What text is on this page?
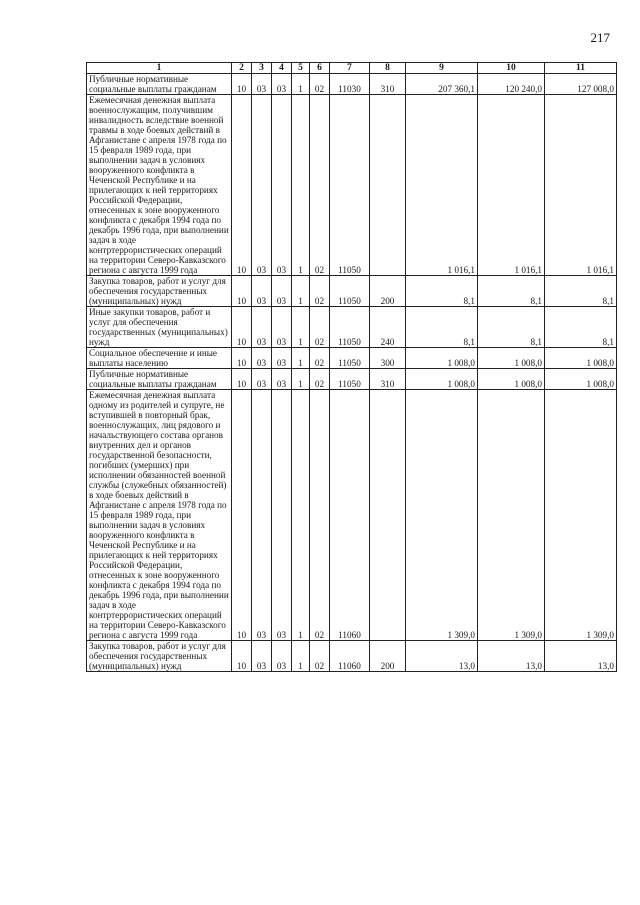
217
1	2	3	4	5	6	7	8	9	10	11
Публичные нормативные социальные выплаты гражданам	10	03	03	1	02	11030	310	207 360,1	120 240,0	127 008,0
Ежемесячная денежная выплата военнослужащим, получившим инвалидность вследствие военной травмы в ходе боевых действий в Афганистане с апреля 1978 года по 15 февраля 1989 года, при выполнении задач в условиях вооруженного конфликта в Чеченской Республике и на прилегающих к ней территориях Российской Федерации, отнесенных к зоне вооруженного конфликта с декабря 1994 года по декабрь 1996 года, при выполнении задач в ходе контртеррористических операций на территории Северо-Кавказского региона с августа 1999 года	10	03	03	1	02	11050		1 016,1	1 016,1	1 016,1
Закупка товаров, работ и услуг для обеспечения государственных (муниципальных) нужд	10	03	03	1	02	11050	200	8,1	8,1	8,1
Иные закупки товаров, работ и услуг для обеспечения государственных (муниципальных) нужд	10	03	03	1	02	11050	240	8,1	8,1	8,1
Социальное обеспечение и иные выплаты населению	10	03	03	1	02	11050	300	1 008,0	1 008,0	1 008,0
Публичные нормативные социальные выплаты гражданам	10	03	03	1	02	11050	310	1 008,0	1 008,0	1 008,0
Ежемесячная денежная выплата одному из родителей и супруге, не вступившей в повторный брак, военнослужащих, лиц рядового и начальствующего состава органов внутренних дел и органов государственной безопасности, погибших (умерших) при исполнении обязанностей военной службы (служебных обязанностей) в ходе боевых действий в Афганистане с апреля 1978 года по 15 февраля 1989 года, при выполнении задач в условиях вооруженного конфликта в Чеченской Республике и на прилегающих к ней территориях Российской Федерации, отнесенных к зоне вооруженного конфликта с декабря 1994 года по декабрь 1996 года, при выполнении задач в ходе контртеррористических операций на территории Северо-Кавказского региона с августа 1999 года	10	03	03	1	02	11060		1 309,0	1 309,0	1 309,0
Закупка товаров, работ и услуг для обеспечения государственных (муниципальных) нужд	10	03	03	1	02	11060	200	13,0	13,0	13,0
